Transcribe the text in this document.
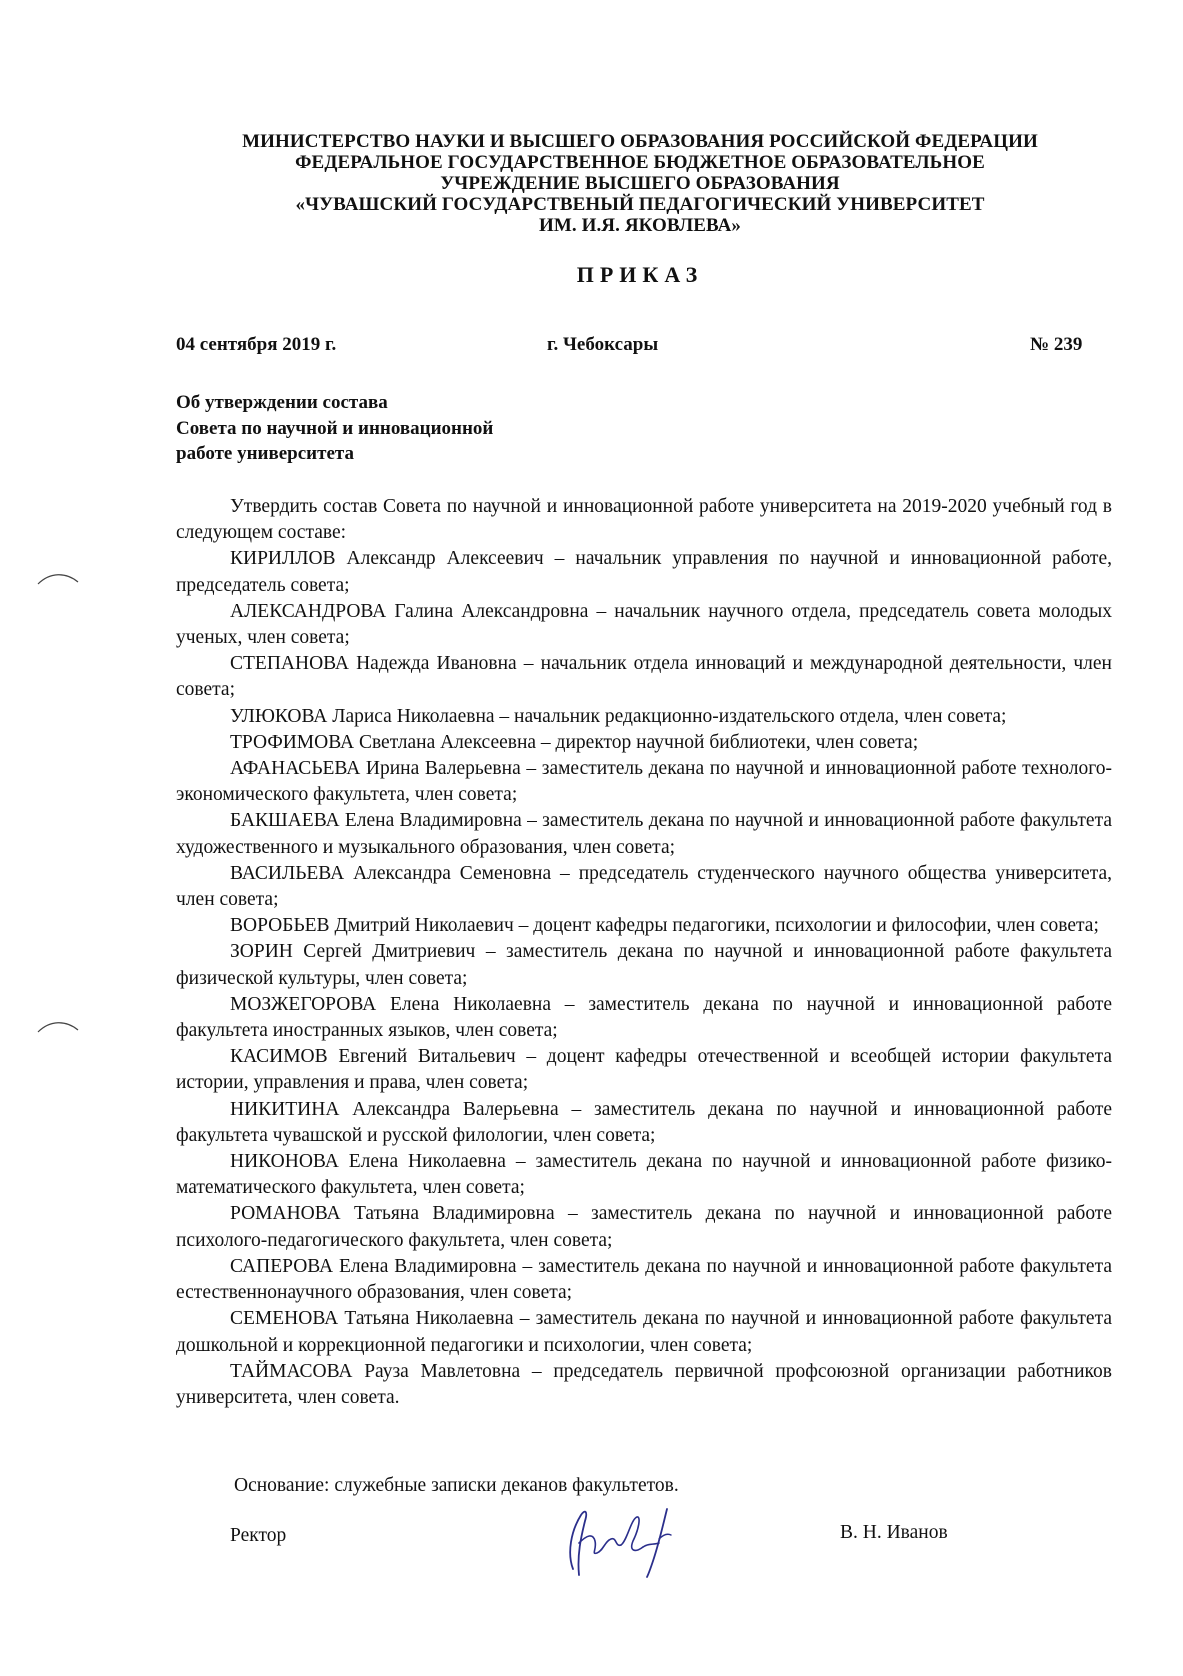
МИНИСТЕРСТВО НАУКИ И ВЫСШЕГО ОБРАЗОВАНИЯ РОССИЙСКОЙ ФЕДЕРАЦИИ
ФЕДЕРАЛЬНОЕ ГОСУДАРСТВЕННОЕ БЮДЖЕТНОЕ ОБРАЗОВАТЕЛЬНОЕ
УЧРЕЖДЕНИЕ ВЫСШЕГО ОБРАЗОВАНИЯ
«ЧУВАШСКИЙ ГОСУДАРСТВЕНЫЙ ПЕДАГОГИЧЕСКИЙ УНИВЕРСИТЕТ
ИМ. И.Я. ЯКОВЛЕВА»
ПРИКАЗ
04 сентября 2019 г.	г. Чебоксары	№ 239
Об утверждении состава
Совета по научной и инновационной
работе университета

Утвердить состав Совета по научной и инновационной работе университета на 2019-2020 учебный год в следующем составе:

КИРИЛЛОВ Александр Алексеевич – начальник управления по научной и инновационной работе, председатель совета;

АЛЕКСАНДРОВА Галина Александровна – начальник научного отдела, председатель совета молодых ученых, член совета;

СТЕПАНОВА Надежда Ивановна – начальник отдела инноваций и международной деятельности, член совета;

УЛЮКОВА Лариса Николаевна – начальник редакционно-издательского отдела, член совета;

ТРОФИМОВА Светлана Алексеевна – директор научной библиотеки, член совета;

АФАНАСЬЕВА Ирина Валерьевна – заместитель декана по научной и инновационной работе технолого-экономического факультета, член совета;

БАКШАЕВА Елена Владимировна – заместитель декана по научной и инновационной работе факультета художественного и музыкального образования, член совета;

ВАСИЛЬЕВА Александра Семеновна – председатель студенческого научного общества университета, член совета;

ВОРОБЬЕВ Дмитрий Николаевич – доцент кафедры педагогики, психологии и философии, член совета;

ЗОРИН Сергей Дмитриевич – заместитель декана по научной и инновационной работе факультета физической культуры, член совета;

МОЗЖЕГОРОВА Елена Николаевна – заместитель декана по научной и инновационной работе факультета иностранных языков, член совета;

КАСИМОВ Евгений Витальевич – доцент кафедры отечественной и всеобщей истории факультета истории, управления и права, член совета;

НИКИТИНА Александра Валерьевна – заместитель декана по научной и инновационной работе факультета чувашской и русской филологии, член совета;

НИКОНОВА Елена Николаевна – заместитель декана по научной и инновационной работе физико-математического факультета, член совета;

РОМАНОВА Татьяна Владимировна – заместитель декана по научной и инновационной работе психолого-педагогического факультета, член совета;

САПЕРОВА Елена Владимировна – заместитель декана по научной и инновационной работе факультета естественнонаучного образования, член совета;

СЕМЕНОВА Татьяна Николаевна – заместитель декана по научной и инновационной работе факультета дошкольной и коррекционной педагогики и психологии, член совета;

ТАЙМАСОВА Рауза Мавлетовна – председатель первичной профсоюзной организации работников университета, член совета.

Основание: служебные записки деканов факультетов.
Ректор	В. Н. Иванов
